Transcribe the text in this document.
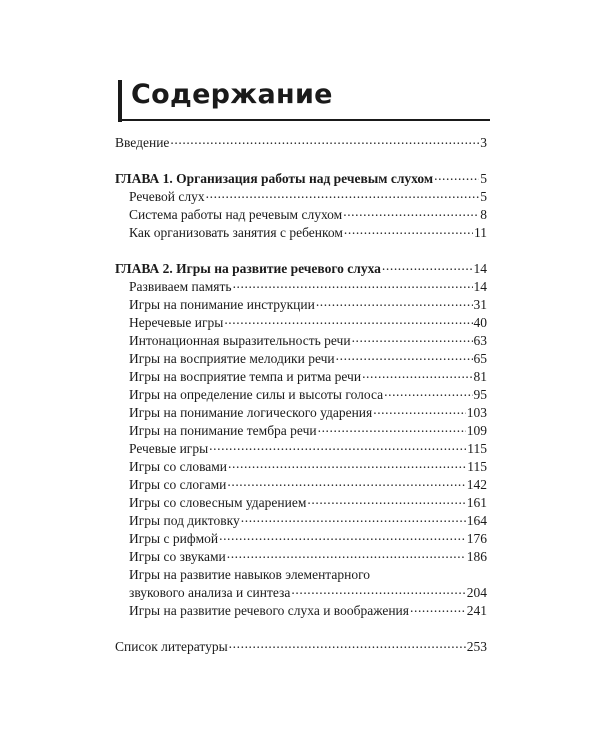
Содержание
Введение .....	3
ГЛАВА 1. Организация работы над речевым слухом .....	5
Речевой слух .....	5
Система работы над речевым слухом .....	8
Как организовать занятия с ребенком .....	11
ГЛАВА 2. Игры на развитие речевого слуха .....	14
Развиваем память .....	14
Игры на понимание инструкции .....	31
Неречевые игры .....	40
Интонационная выразительность речи .....	63
Игры на восприятие мелодики речи .....	65
Игры на восприятие темпа и ритма речи .....	81
Игры на определение силы и высоты голоса .....	95
Игры на понимание логического ударения .....	103
Игры на понимание тембра речи .....	109
Речевые игры .....	115
Игры со словами .....	115
Игры со слогами .....	142
Игры со словесным ударением .....	161
Игры под диктовку .....	164
Игры с рифмой .....	176
Игры со звуками .....	186
Игры на развитие навыков элементарного
звукового анализа и синтеза .....	204
Игры на развитие речевого слуха и воображения .....	241
Список литературы .....	253
